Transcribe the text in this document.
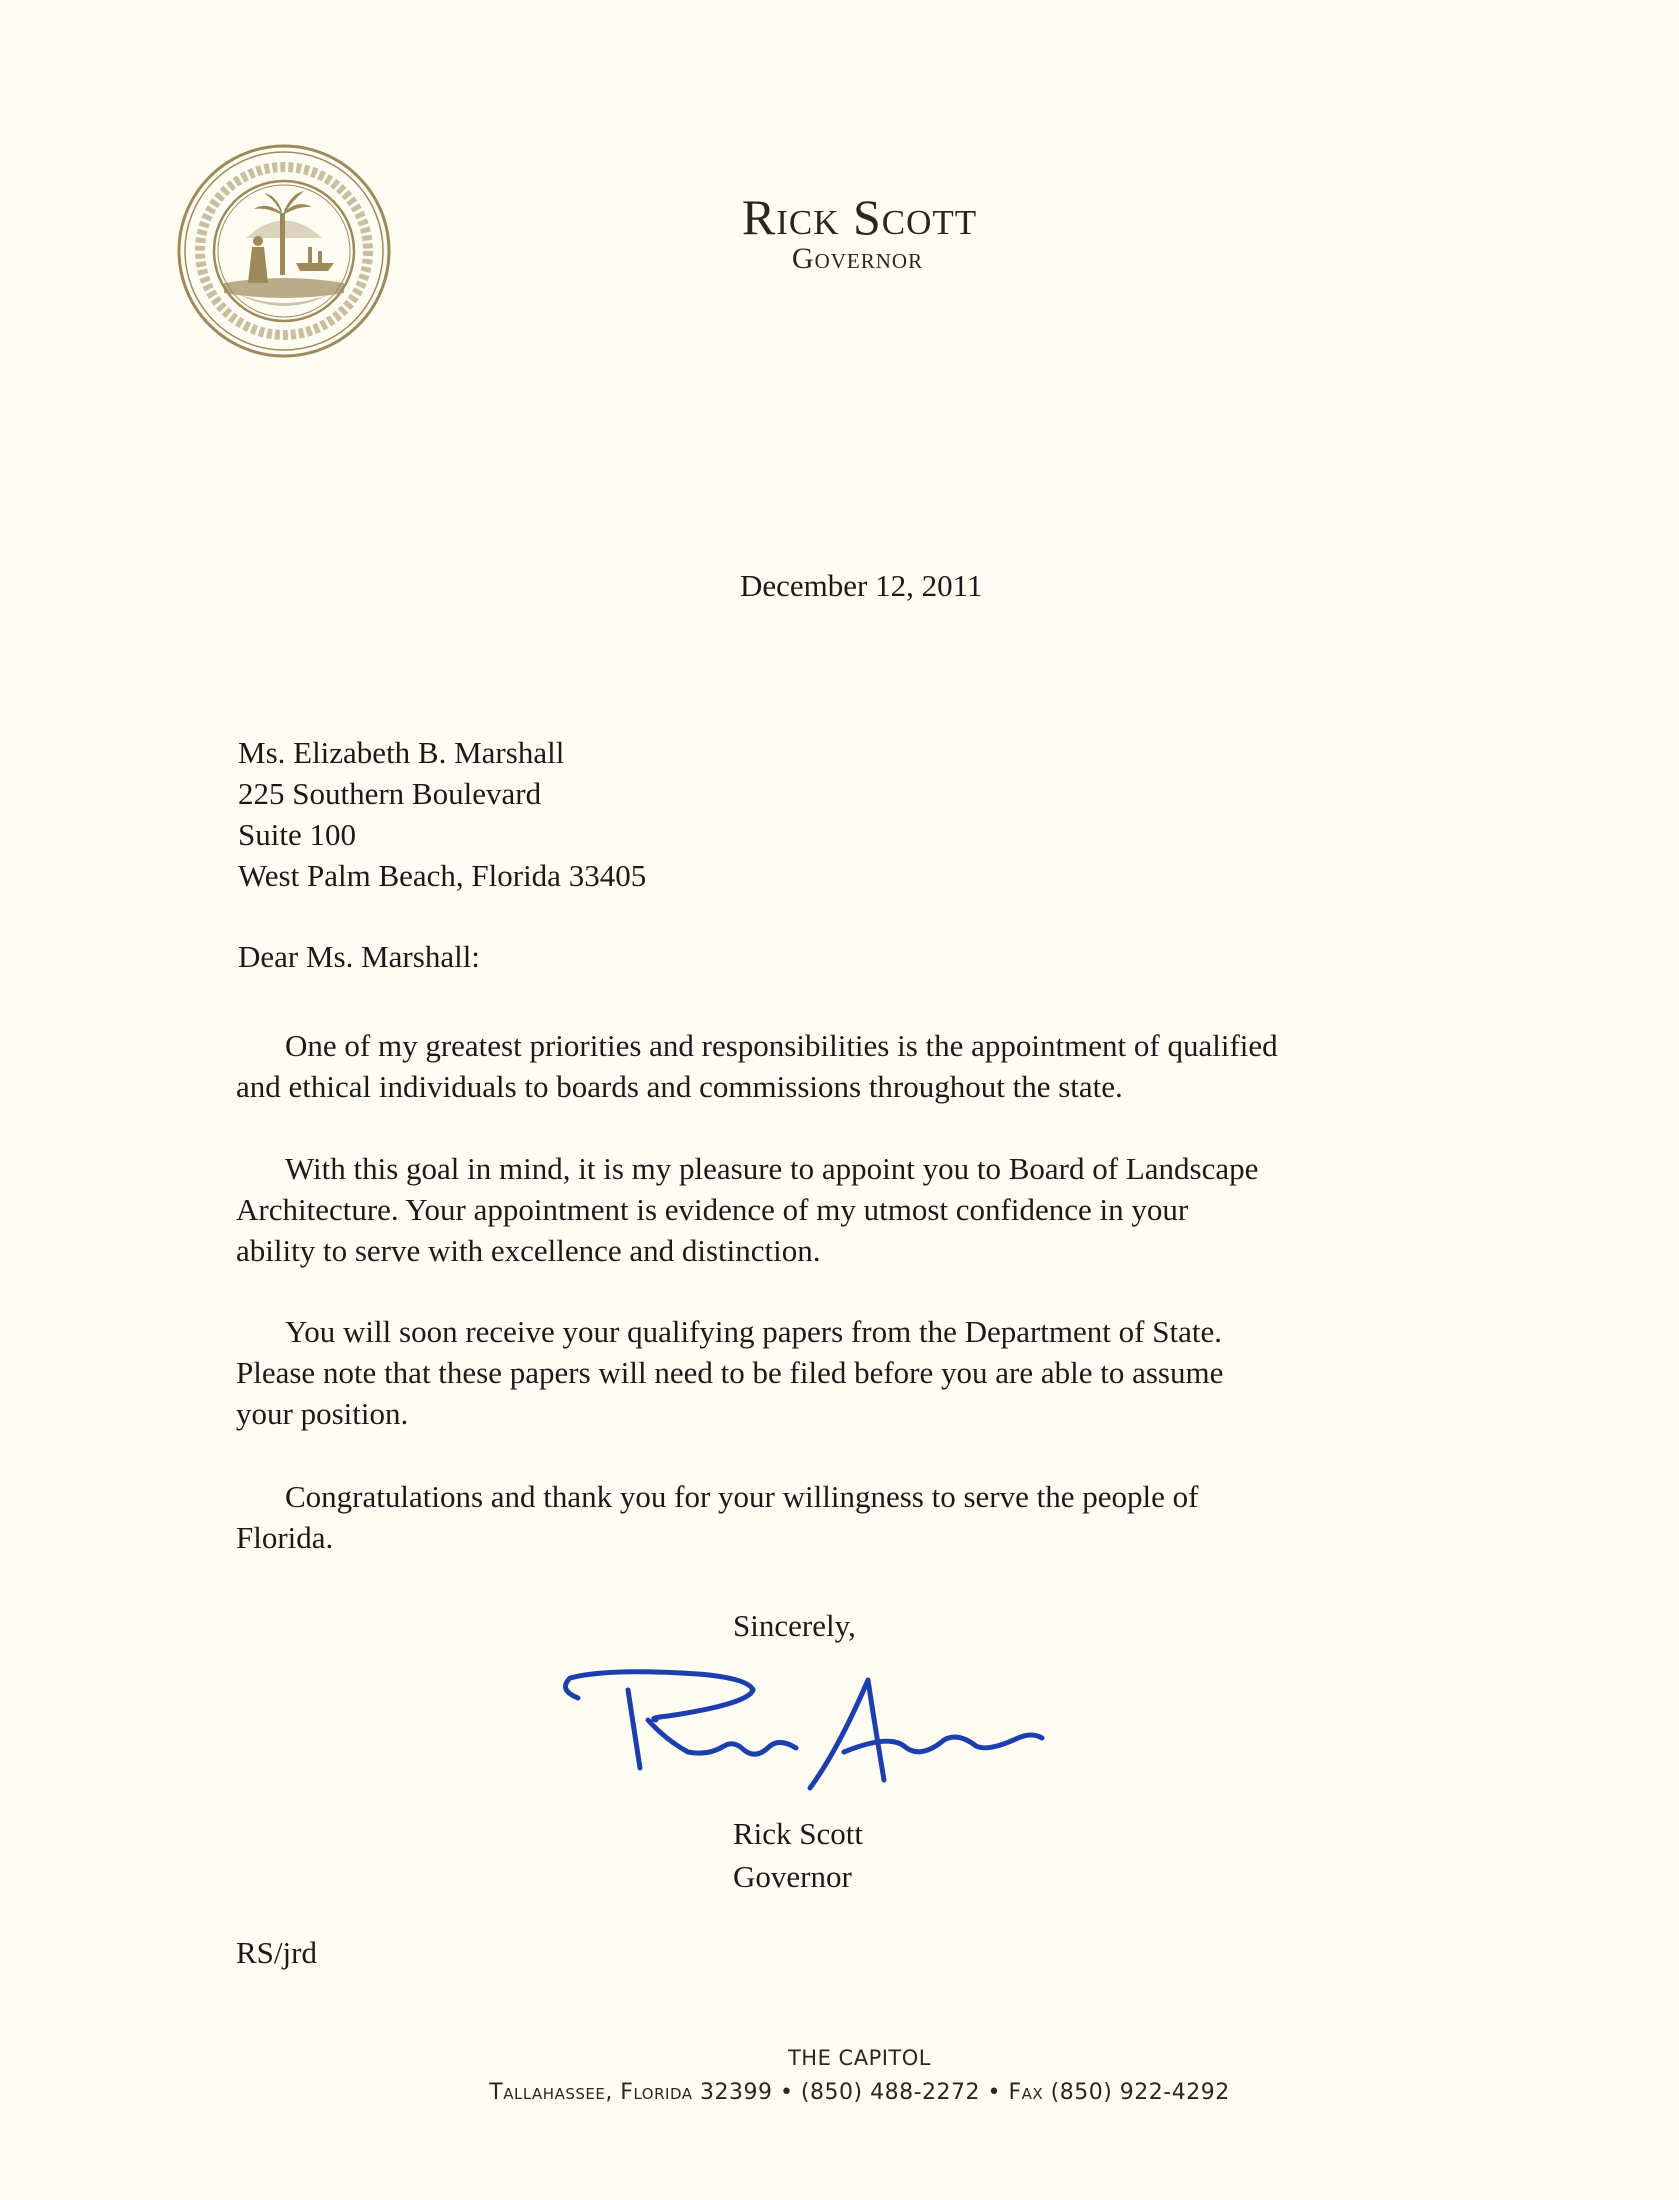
Rick Scott
Governor
December 12, 2011
Ms. Elizabeth B. Marshall
225 Southern Boulevard
Suite 100
West Palm Beach, Florida 33405
Dear Ms. Marshall:
One of my greatest priorities and responsibilities is the appointment of qualified
and ethical individuals to boards and commissions throughout the state.
With this goal in mind, it is my pleasure to appoint you to Board of Landscape
Architecture. Your appointment is evidence of my utmost confidence in your
ability to serve with excellence and distinction.
You will soon receive your qualifying papers from the Department of State.
Please note that these papers will need to be filed before you are able to assume
your position.
Congratulations and thank you for your willingness to serve the people of
Florida.
Sincerely,
Rick Scott
Governor
RS/jrd
THE CAPITOL
Tallahassee, Florida 32399 • (850) 488-2272 • Fax (850) 922-4292
